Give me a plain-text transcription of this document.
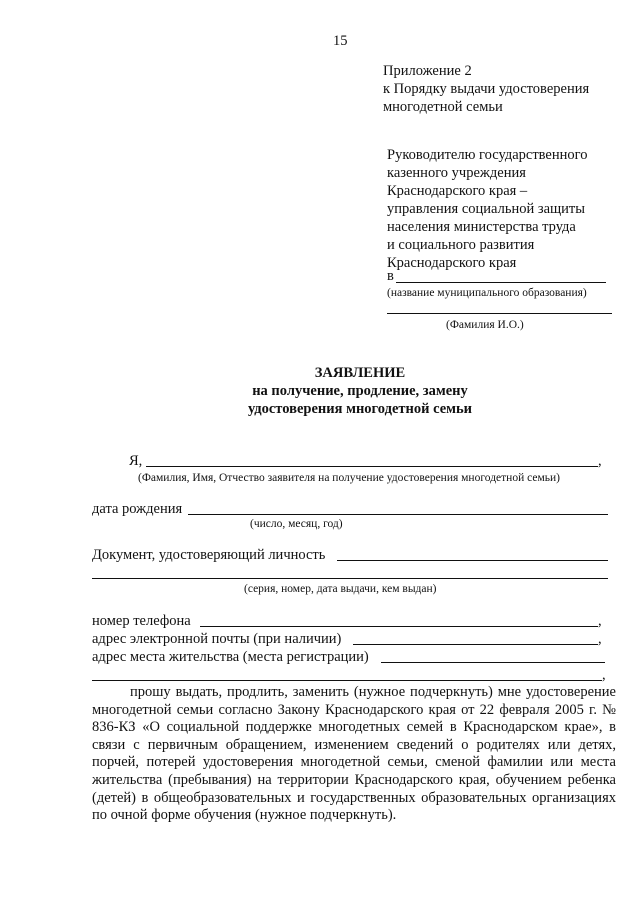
15
Приложение 2
к Порядку выдачи удостоверения
многодетной семьи
Руководителю государственного
казенного учреждения
Краснодарского края –
управления социальной защиты
населения министерства труда
и социального развития
Краснодарского края
в
(название муниципального образования)
(Фамилия И.О.)
ЗАЯВЛЕНИЕ
на получение, продление, замену
удостоверения многодетной семьи
Я,	,
(Фамилия, Имя, Отчество заявителя на получение удостоверения многодетной семьи)
дата рождения
(число, месяц, год)
Документ, удостоверяющий личность
(серия, номер, дата выдачи, кем выдан)
номер телефона	,
адрес электронной почты (при наличии)	,
адрес места жительства (места регистрации)
,
прошу выдать, продлить, заменить (нужное подчеркнуть) мне удостоверение многодетной семьи согласно Закону Краснодарского края от 22 февраля 2005 г. № 836-КЗ «О социальной поддержке многодетных семей в Краснодарском крае», в связи с первичным обращением, изменением сведений о родителях или детях, порчей, потерей удостоверения многодетной семьи, сменой фамилии или места жительства (пребывания) на территории Краснодарского края, обучением ребенка (детей) в общеобразовательных и государственных образовательных организациях по очной форме обучения (нужное подчеркнуть).
